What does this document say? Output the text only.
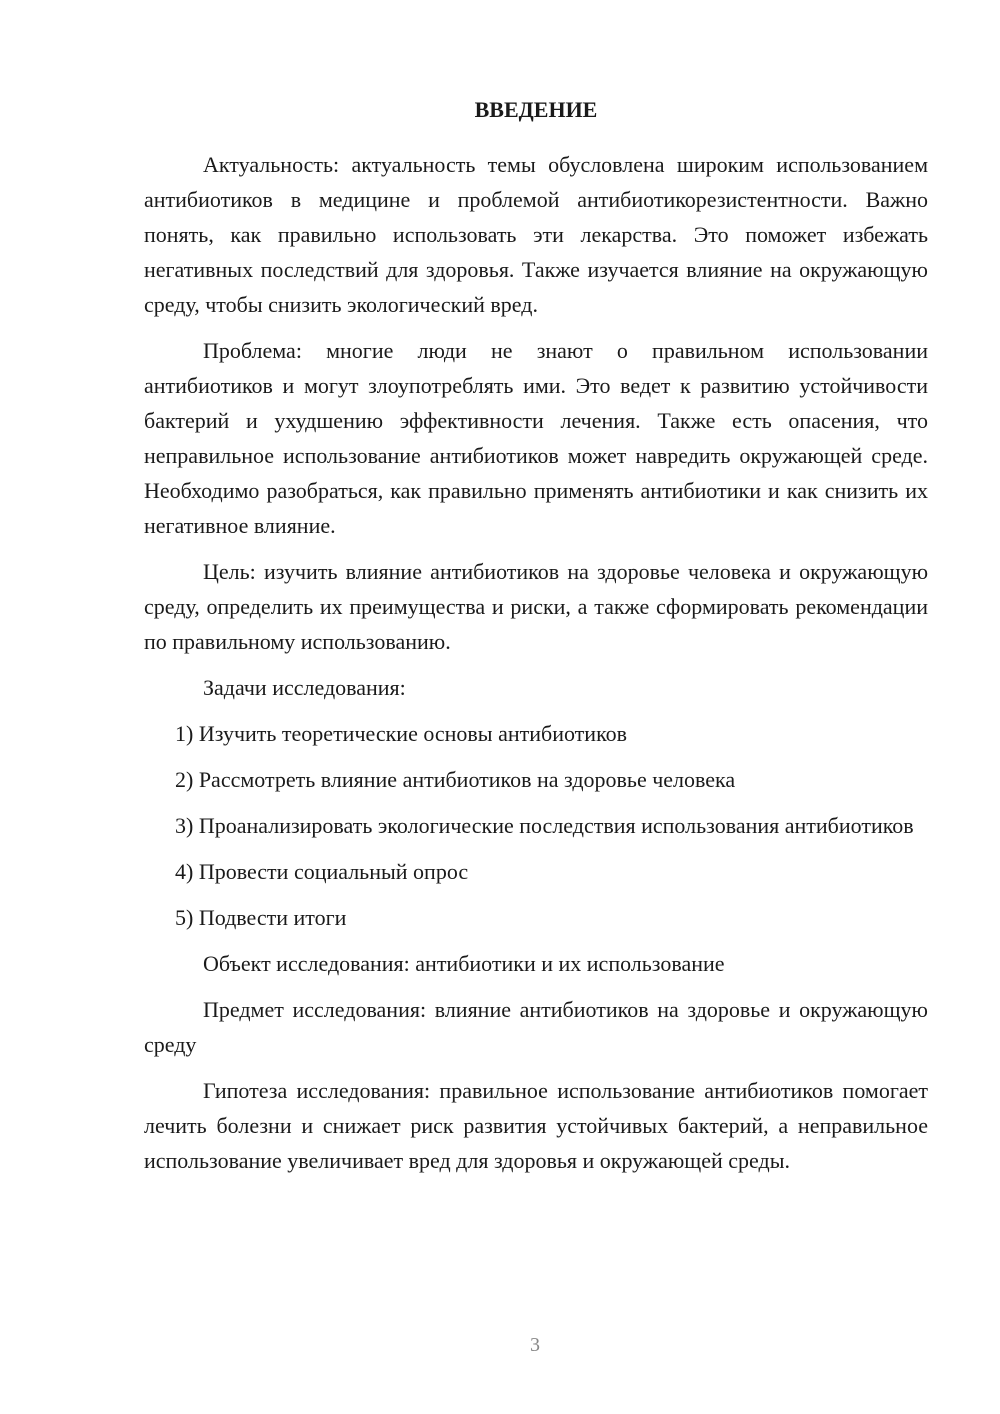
ВВЕДЕНИЕ

Актуальность: актуальность темы обусловлена широким использованием антибиотиков в медицине и проблемой антибиотикорезистентности. Важно понять, как правильно использовать эти лекарства. Это поможет избежать негативных последствий для здоровья. Также изучается влияние на окружающую среду, чтобы снизить экологический вред.

Проблема: многие люди не знают о правильном использовании антибиотиков и могут злоупотреблять ими. Это ведет к развитию устойчивости бактерий и ухудшению эффективности лечения. Также есть опасения, что неправильное использование антибиотиков может навредить окружающей среде. Необходимо разобраться, как правильно применять антибиотики и как снизить их негативное влияние.

Цель: изучить влияние антибиотиков на здоровье человека и окружающую среду, определить их преимущества и риски, а также сформировать рекомендации по правильному использованию.

Задачи исследования:

1) Изучить теоретические основы антибиотиков

2) Рассмотреть влияние антибиотиков на здоровье человека

3) Проанализировать экологические последствия использования антибиотиков

4) Провести социальный опрос

5) Подвести итоги

Объект исследования: антибиотики и их использование

Предмет исследования: влияние антибиотиков на здоровье и окружающую среду

Гипотеза исследования: правильное использование антибиотиков помогает лечить болезни и снижает риск развития устойчивых бактерий, а неправильное использование увеличивает вред для здоровья и окружающей среды.

3
